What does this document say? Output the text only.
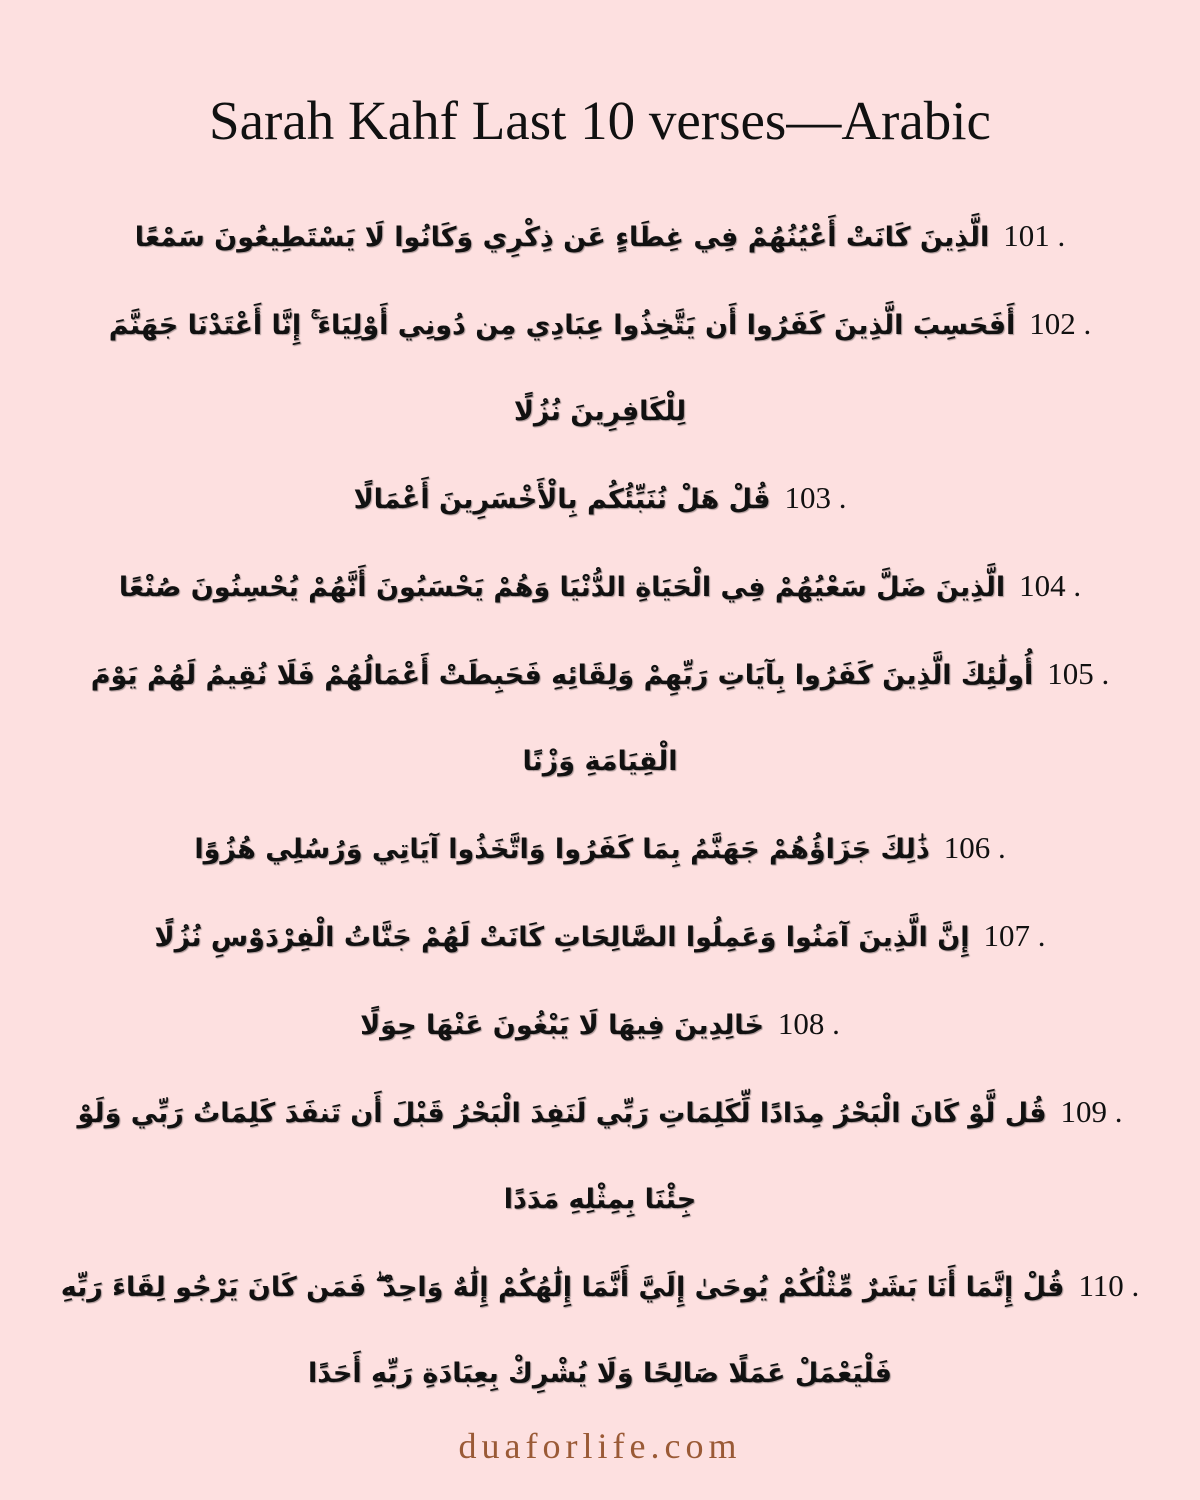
Sarah Kahf Last 10 verses—Arabic

101 .الَّذِينَ كَانَتْ أَعْيُنُهُمْ فِي غِطَاءٍ عَن ذِكْرِي وَكَانُوا لَا يَسْتَطِيعُونَ سَمْعًا

102 .أَفَحَسِبَ الَّذِينَ كَفَرُوا أَن يَتَّخِذُوا عِبَادِي مِن دُونِي أَوْلِيَاءَ ۚ إِنَّا أَعْتَدْنَا جَهَنَّمَ لِلْكَافِرِينَ نُزُلًا

103 .قُلْ هَلْ نُنَبِّئُكُم بِالْأَخْسَرِينَ أَعْمَالًا

104 .الَّذِينَ ضَلَّ سَعْيُهُمْ فِي الْحَيَاةِ الدُّنْيَا وَهُمْ يَحْسَبُونَ أَنَّهُمْ يُحْسِنُونَ صُنْعًا

105 .أُولَٰئِكَ الَّذِينَ كَفَرُوا بِآيَاتِ رَبِّهِمْ وَلِقَائِهِ فَحَبِطَتْ أَعْمَالُهُمْ فَلَا نُقِيمُ لَهُمْ يَوْمَ الْقِيَامَةِ وَزْنًا

106 .ذَٰلِكَ جَزَاؤُهُمْ جَهَنَّمُ بِمَا كَفَرُوا وَاتَّخَذُوا آيَاتِي وَرُسُلِي هُزُوًا

107 .إِنَّ الَّذِينَ آمَنُوا وَعَمِلُوا الصَّالِحَاتِ كَانَتْ لَهُمْ جَنَّاتُ الْفِرْدَوْسِ نُزُلًا

108 .خَالِدِينَ فِيهَا لَا يَبْغُونَ عَنْهَا حِوَلًا

109 .قُل لَّوْ كَانَ الْبَحْرُ مِدَادًا لِّكَلِمَاتِ رَبِّي لَنَفِدَ الْبَحْرُ قَبْلَ أَن تَنفَدَ كَلِمَاتُ رَبِّي وَلَوْ جِئْنَا بِمِثْلِهِ مَدَدًا

110 .قُلْ إِنَّمَا أَنَا بَشَرٌ مِّثْلُكُمْ يُوحَىٰ إِلَيَّ أَنَّمَا إِلَٰهُكُمْ إِلَٰهٌ وَاحِدٌ ۖ فَمَن كَانَ يَرْجُو لِقَاءَ رَبِّهِ فَلْيَعْمَلْ عَمَلًا صَالِحًا وَلَا يُشْرِكْ بِعِبَادَةِ رَبِّهِ أَحَدًا

duaforlife.com
